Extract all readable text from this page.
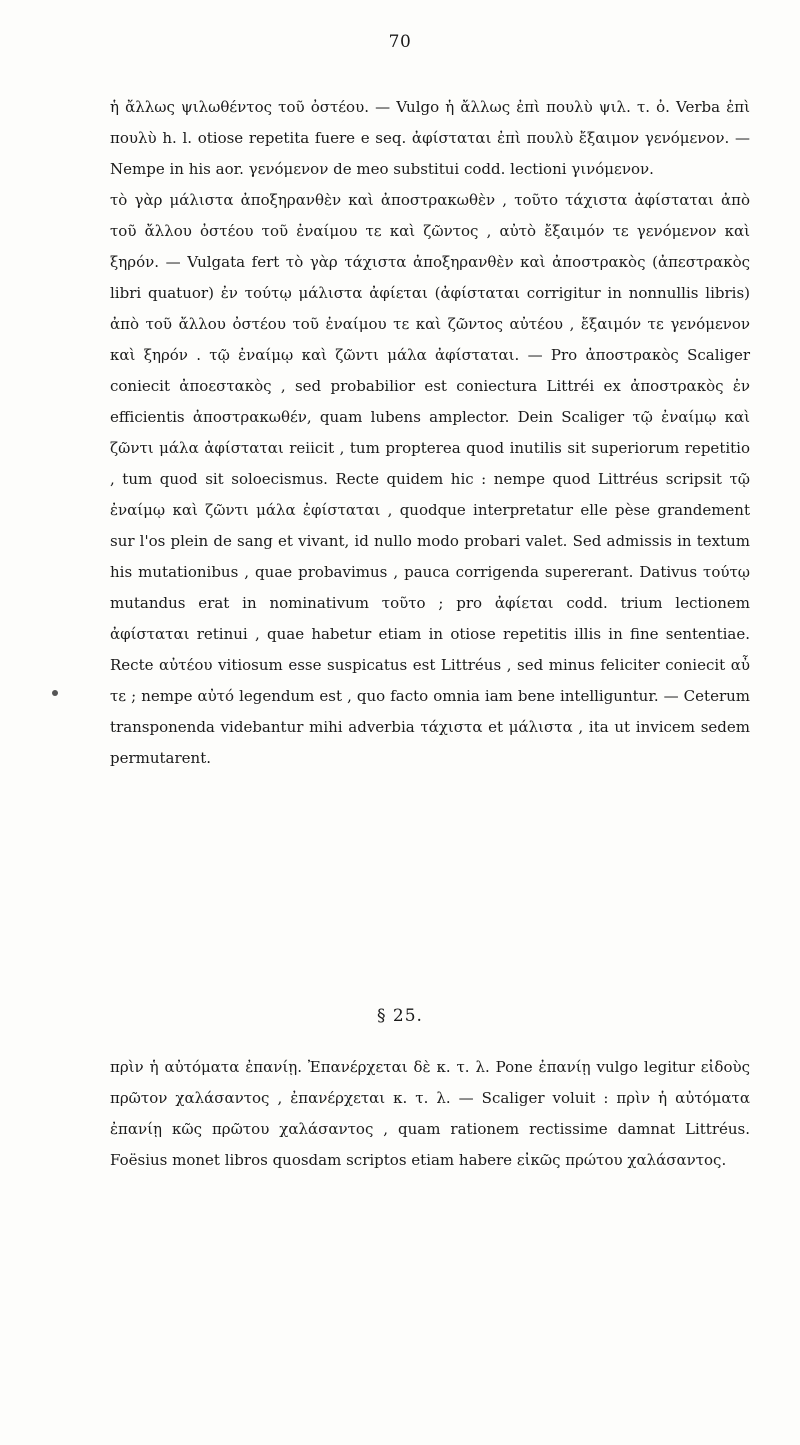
70

ἡ ἄλλως ψιλωθέντος τοῦ ὀστέου. — Vulgo ἡ ἄλλως ἐπὶ πουλὺ ψιλ. τ. ὀ. Verba ἐπὶ πουλὺ h. l. otiose repetita fuere e seq. ἀφίσταται ἐπὶ πουλὺ ἔξαιμον γενόμενον. — Nempe in his aor. γενόμενον de meo substitui codd. lectioni γινόμενον.

τὸ γὰρ μάλιστα ἀποξηρανθὲν καὶ ἀποστρακωθὲν , τοῦτο τάχιστα ἀφίσταται ἀπὸ τοῦ ἄλλου ὀστέου τοῦ ἐναίμου τε καὶ ζῶντος , αὐτὸ ἔξαιμόν τε γενόμενον καὶ ξηρόν. — Vulgata fert τὸ γὰρ τάχιστα ἀποξηρανθὲν καὶ ἀποστρακὸς (ἀπεστρακὸς libri quatuor) ἐν τούτῳ μάλιστα ἀφίεται (ἀφίσταται corrigitur in nonnullis libris) ἀπὸ τοῦ ἄλλου ὀστέου τοῦ ἐναίμου τε καὶ ζῶντος αὐτέου , ἔξαιμόν τε γενόμενον καὶ ξηρόν . τῷ ἐναίμῳ καὶ ζῶντι μάλα ἀφίσταται. — Pro ἀποστρακὸς Scaliger coniecit ἀποεστακὸς , sed probabilior est coniectura Littréi ex ἀποστρακὸς ἐν efficientis ἀποστρακωθέν, quam lubens amplector. Dein Scaliger τῷ ἐναίμῳ καὶ ζῶντι μάλα ἀφίσταται reiicit , tum propterea quod inutilis sit superiorum repetitio , tum quod sit soloecismus. Recte quidem hic : nempe quod Littréus scripsit τῷ ἐναίμῳ καὶ ζῶντι μάλα ἐφίσταται , quodque interpretatur elle pèse grandement sur l'os plein de sang et vivant, id nullo modo probari valet. Sed admissis in textum his mutationibus , quae probavimus , pauca corrigenda supererant. Dativus τούτῳ mutandus erat in nominativum τοῦτο ; pro ἀφίεται codd. trium lectionem ἀφίσταται retinui , quae habetur etiam in otiose repetitis illis in fine sententiae. Recte αὐτέου vitiosum esse suspicatus est Littréus , sed minus feliciter coniecit αὖ τε ; nempe αὐτό legendum est , quo facto omnia iam bene intelliguntur. — Ceterum transponenda videbantur mihi adverbia τάχιστα et μάλιστα , ita ut invicem sedem permutarent.

§ 25.

πρὶν ἡ αὐτόματα ἐπανίῃ. Ἐπανέρχεται δὲ κ. τ. λ. Pone ἐπανίῃ vulgo legitur εἰδοὺς πρῶτον χαλάσαντος , ἐπανέρχεται κ. τ. λ. — Scaliger voluit : πρὶν ἡ αὐτόματα ἐπανίῃ κῶς πρῶτου χαλάσαντος , quam rationem rectissime damnat Littréus. Foësius monet libros quosdam scriptos etiam habere εἰκῶς πρώτου χαλάσαντος.
